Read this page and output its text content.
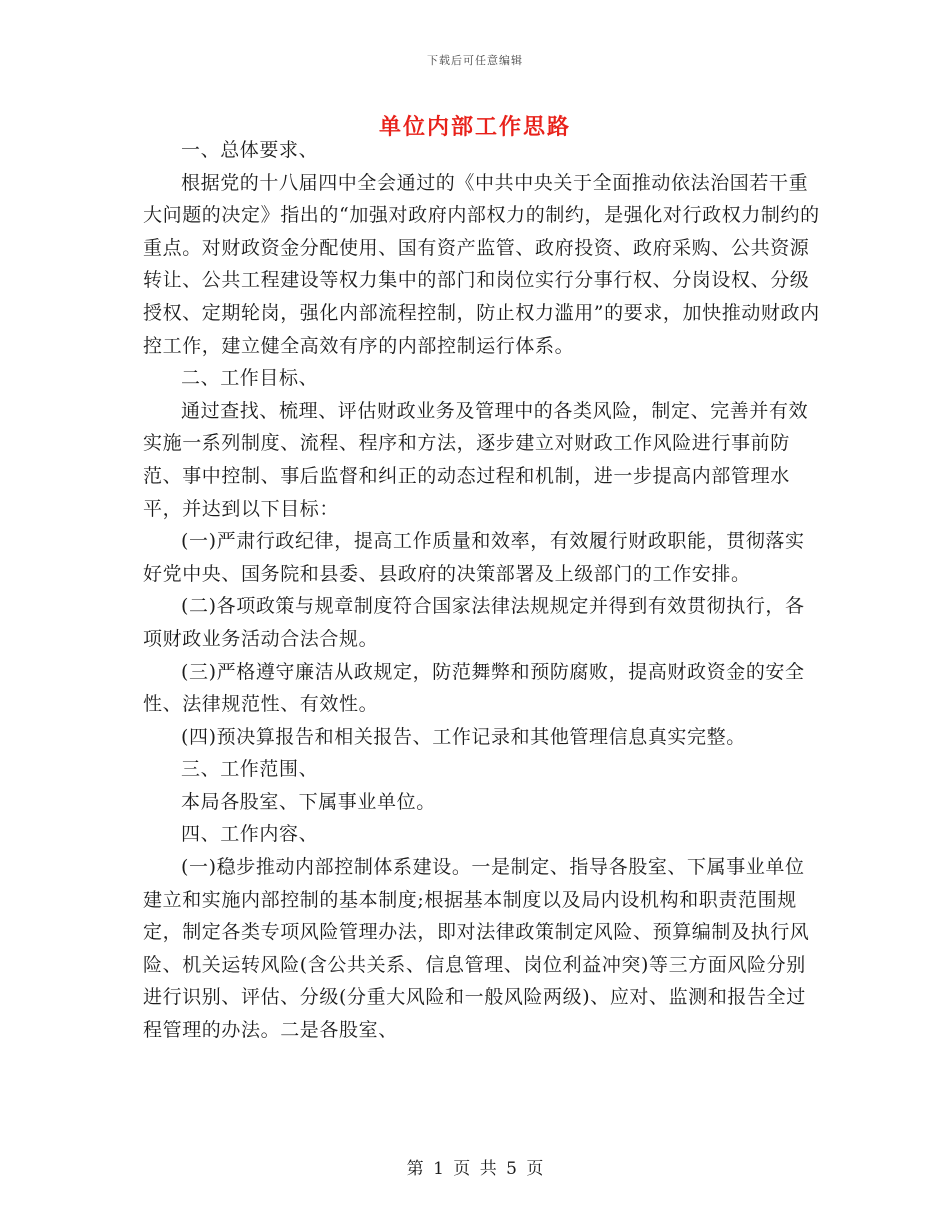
下载后可任意编辑
单位内部工作思路

一、总体要求、

根据党的十八届四中全会通过的《中共中央关于全面推动依法治国若干重大问题的决定》指出的“加强对政府内部权力的制约，是强化对行政权力制约的重点。对财政资金分配使用、国有资产监管、政府投资、政府采购、公共资源转让、公共工程建设等权力集中的部门和岗位实行分事行权、分岗设权、分级授权、定期轮岗，强化内部流程控制，防止权力滥用”的要求，加快推动财政内控工作，建立健全高效有序的内部控制运行体系。

二、工作目标、

通过查找、梳理、评估财政业务及管理中的各类风险，制定、完善并有效实施一系列制度、流程、程序和方法，逐步建立对财政工作风险进行事前防范、事中控制、事后监督和纠正的动态过程和机制，进一步提高内部管理水平，并达到以下目标：

(一)严肃行政纪律，提高工作质量和效率，有效履行财政职能，贯彻落实好党中央、国务院和县委、县政府的决策部署及上级部门的工作安排。

(二)各项政策与规章制度符合国家法律法规规定并得到有效贯彻执行，各项财政业务活动合法合规。

(三)严格遵守廉洁从政规定，防范舞弊和预防腐败，提高财政资金的安全性、法律规范性、有效性。

(四)预决算报告和相关报告、工作记录和其他管理信息真实完整。

三、工作范围、

本局各股室、下属事业单位。

四、工作内容、

(一)稳步推动内部控制体系建设。一是制定、指导各股室、下属事业单位建立和实施内部控制的基本制度;根据基本制度以及局内设机构和职责范围规定，制定各类专项风险管理办法，即对法律政策制定风险、预算编制及执行风险、机关运转风险(含公共关系、信息管理、岗位利益冲突)等三方面风险分别进行识别、评估、分级(分重大风险和一般风险两级)、应对、监测和报告全过程管理的办法。二是各股室、

第 1 页 共 5 页
